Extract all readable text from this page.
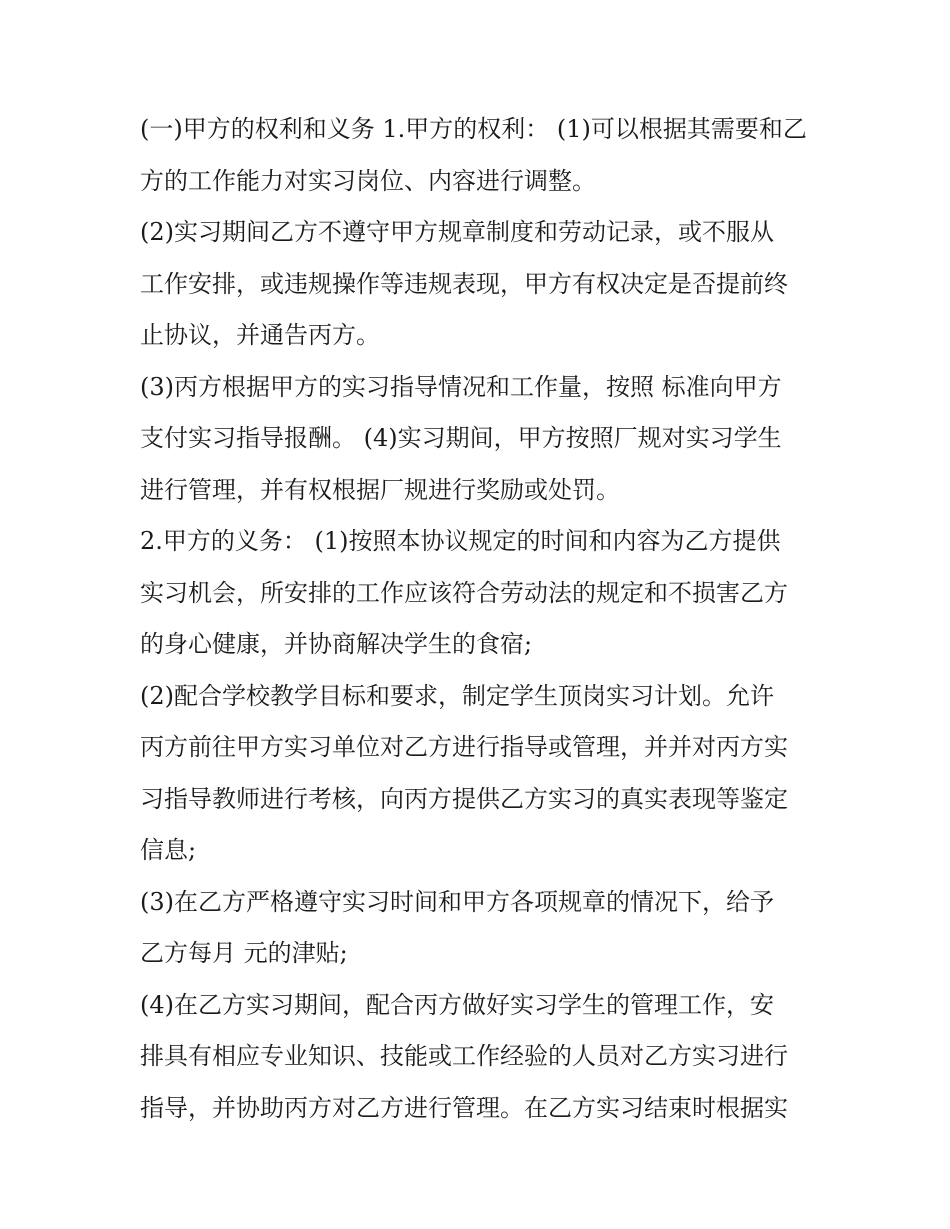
(一)甲方的权利和义务 1.甲方的权利： (1)可以根据其需要和乙
方的工作能力对实习岗位、内容进行调整。
(2)实习期间乙方不遵守甲方规章制度和劳动记录，或不服从
工作安排，或违规操作等违规表现，甲方有权决定是否提前终
止协议，并通告丙方。
(3)丙方根据甲方的实习指导情况和工作量，按照 标准向甲方
支付实习指导报酬。 (4)实习期间，甲方按照厂规对实习学生
进行管理，并有权根据厂规进行奖励或处罚。
2.甲方的义务： (1)按照本协议规定的时间和内容为乙方提供
实习机会，所安排的工作应该符合劳动法的规定和不损害乙方
的身心健康，并协商解决学生的食宿;
(2)配合学校教学目标和要求，制定学生顶岗实习计划。允许
丙方前往甲方实习单位对乙方进行指导或管理，并并对丙方实
习指导教师进行考核，向丙方提供乙方实习的真实表现等鉴定
信息;
(3)在乙方严格遵守实习时间和甲方各项规章的情况下，给予
乙方每月 元的津贴;
(4)在乙方实习期间，配合丙方做好实习学生的管理工作，安
排具有相应专业知识、技能或工作经验的人员对乙方实习进行
指导，并协助丙方对乙方进行管理。在乙方实习结束时根据实
